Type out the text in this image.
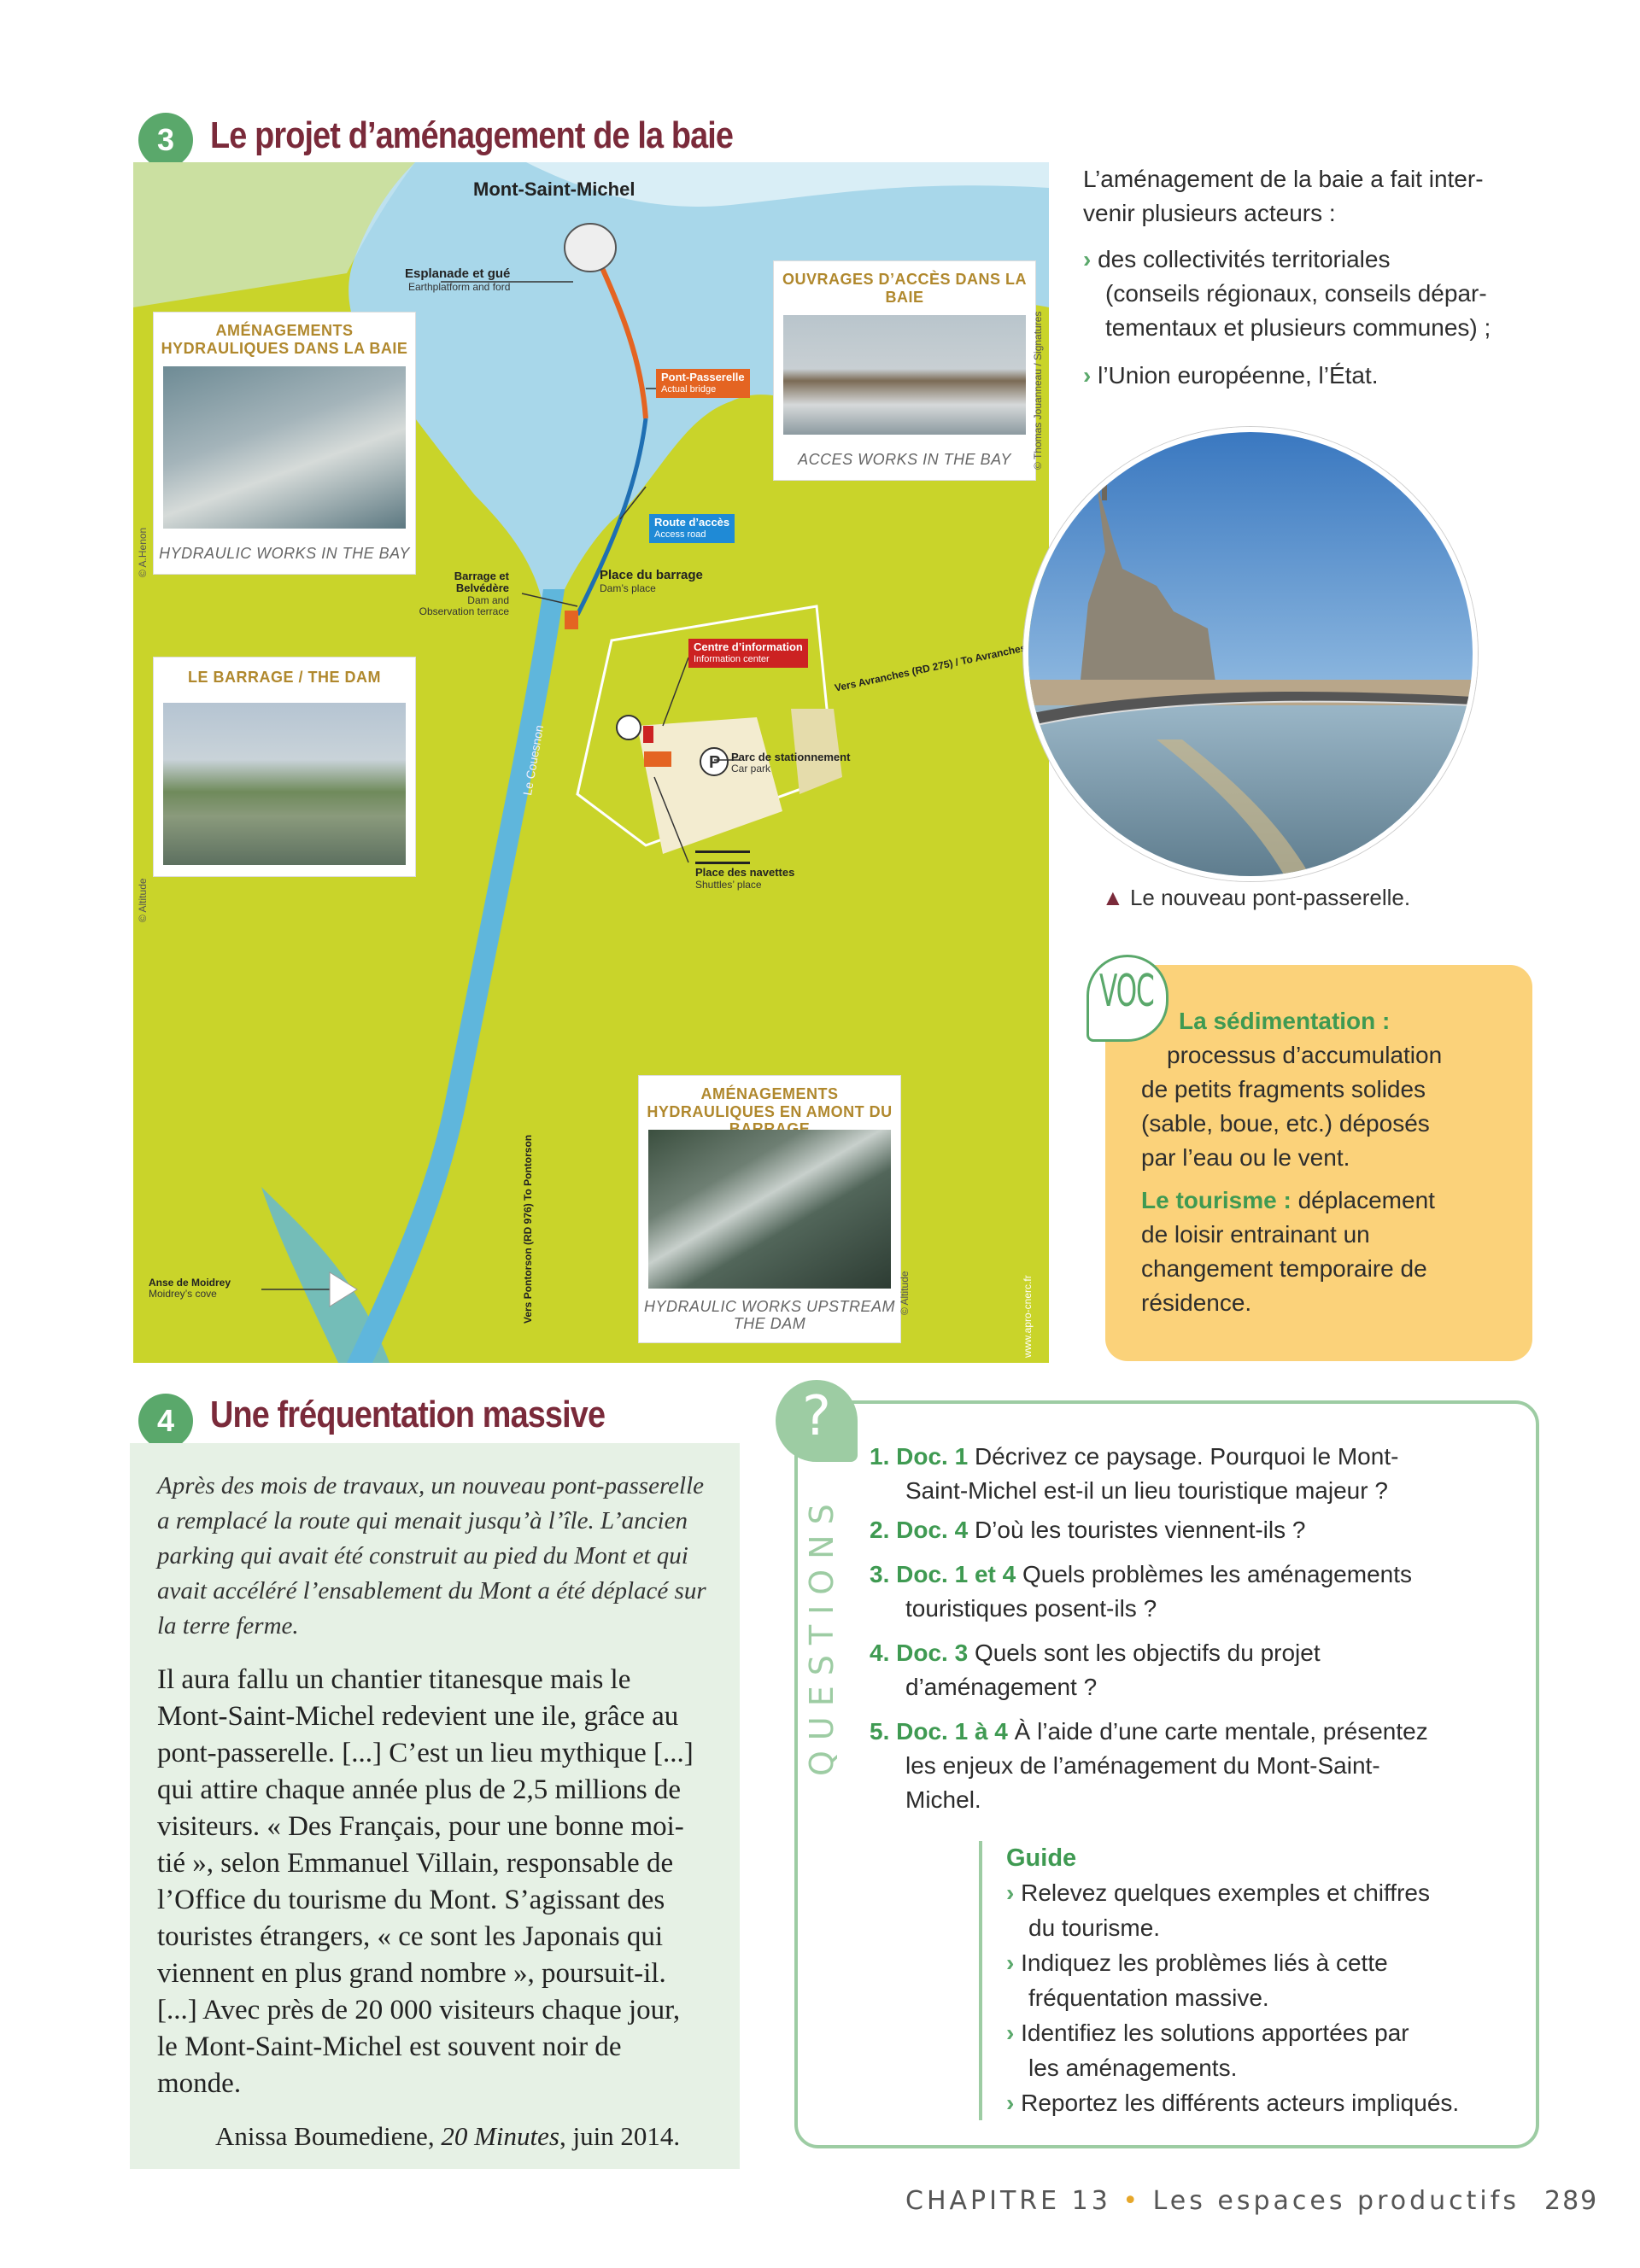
3 Le projet d’aménagement de la baie
P
Mont-Saint-Michel
Esplanade et gué
Earthplatform and ford
Pont-Passerelle
Actual bridge
Route d’accès
Access road
Barrage et Belvédère
Dam and Observation terrace
Place du barrage
Dam’s place
Centre d’information
Information center	Vers Avranches (RD 275) / To Avranches
Parc de stationnement
Car park
Place des navettes
Shuttles’ place
Le Couesnon
Vers Pontorson (RD 976) To Pontorson
Anse de Moidrey
Moidrey’s cove
AMÉNAGEMENTS HYDRAULIQUES DANS LA BAIE
HYDRAULIC WORKS IN THE BAY
© A.Henon
OUVRAGES D’ACCÈS DANS LA BAIE
ACCES WORKS IN THE BAY	© Thomas Jouanneau / Signatures
LE BARRAGE / THE DAM
© Altitude
AMÉNAGEMENTS HYDRAULIQUES EN AMONT DU
HYDRAULIC WORKS UPSTREAM THE DAM
© Altitude	www.apro-cnerc.fr
L’aménagement de la baie a fait inter-
venir plusieurs acteurs :
› des collectivités territoriales
(conseils régionaux, conseils dépar-
tementaux et plusieurs communes) ;
› l’Union européenne, l’État.
▲ Le nouveau pont-passerelle.
VOC
La sédimentation :
processus d’accumulation
de petits fragments solides
(sable, boue, etc.) déposés
par l’eau ou le vent.
Le tourisme : déplacement
de loisir entrainant un
changement temporaire de
résidence.
4 Une fréquentation massive
Après des mois de travaux, un nouveau pont-passerelle
a remplacé la route qui menait jusqu’à l’île. L’ancien
parking qui avait été construit au pied du Mont et qui
avait accéléré l’ensablement du Mont a été déplacé sur
la terre ferme.
Il aura fallu un chantier titanesque mais le
Mont-Saint-Michel redevient une ile, grâce au
pont-passerelle. [...] C’est un lieu mythique [...]
qui attire chaque année plus de 2,5 millions de
visiteurs. « Des Français, pour une bonne moi-
tié », selon Emmanuel Villain, responsable de
l’Office du tourisme du Mont. S’agissant des
touristes étrangers, « ce sont les Japonais qui
viennent en plus grand nombre », poursuit-il.
[...] Avec près de 20 000 visiteurs chaque jour,
le Mont-Saint-Michel est souvent noir de
monde.
Anissa Boumediene, 20 Minutes, juin 2014.
?
QUESTIONS
1. Doc. 1 Décrivez ce paysage. Pourquoi le Mont-
Saint-Michel est-il un lieu touristique majeur ?
2. Doc. 4 D’où les touristes viennent-ils ?
3. Doc. 1 et 4 Quels problèmes les aménagements
touristiques posent-ils ?
4. Doc. 3 Quels sont les objectifs du projet
d’aménagement ?
5. Doc. 1 à 4 À l’aide d’une carte mentale, présentez
les enjeux de l’aménagement du Mont-Saint-
Michel.
Guide
› Relevez quelques exemples et chiffres
du tourisme.
› Indiquez les problèmes liés à cette
fréquentation massive.
› Identifiez les solutions apportées par
les aménagements.
› Reportez les différents acteurs impliqués.
CHAPITRE 13 • Les espaces productifs 289
